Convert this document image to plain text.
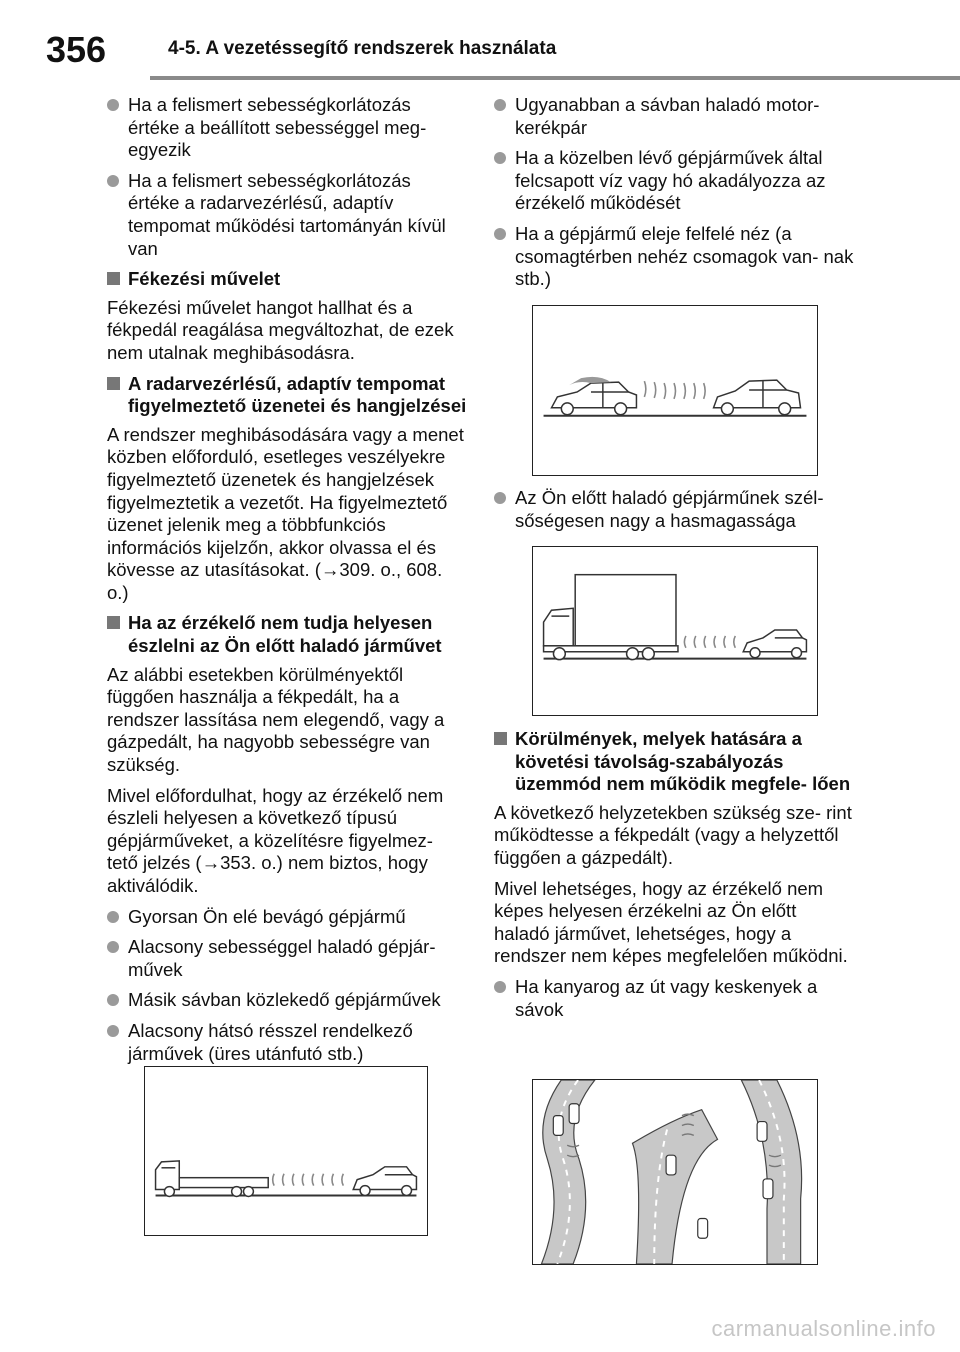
356	4-5. A vezetéssegítő rendszerek használata
Ha a felismert sebességkorlátozás értéke a beállított sebességgel meg- egyezik
Ha a felismert sebességkorlátozás értéke a radarvezérlésű, adaptív tempomat működési tartományán kívül van
Fékezési művelet

Fékezési művelet hangot hallhat és a fékpedál reagálása megváltozhat, de ezek nem utalnak meghibásodásra.

A radarvezérlésű, adaptív tempomat figyelmeztető üzenetei és hangjelzései

A rendszer meghibásodására vagy a menet közben előforduló, esetleges veszélyekre figyelmeztető üzenetek és hangjelzések figyelmeztetik a vezetőt. Ha figyelmeztető üzenet jelenik meg a többfunkciós információs kijelzőn, akkor olvassa el és kövesse az utasításokat. (→309. o., 608. o.)

Ha az érzékelő nem tudja helyesen észlelni az Ön előtt haladó járművet

Az alábbi esetekben körülményektől függően használja a fékpedált, ha a rendszer lassítása nem elegendő, vagy a gázpedált, ha nagyobb sebességre van szükség.

Mivel előfordulhat, hogy az érzékelő nem észleli helyesen a következő típusú gépjárműveket, a közelítésre figyelmez- tető jelzés (→353. o.) nem biztos, hogy aktiválódik.

Gyorsan Ön elé bevágó gépjármű
Alacsony sebességgel haladó gépjár- művek
Másik sávban közlekedő gépjárművek
Alacsony hátsó résszel rendelkező járművek (üres utánfutó stb.)
Ugyanabban a sávban haladó motor- kerékpár
Ha a közelben lévő gépjárművek által felcsapott víz vagy hó akadályozza az érzékelő működését
Ha a gépjármű eleje felfelé néz (a csomagtérben nehéz csomagok van- nak stb.)
Az Ön előtt haladó gépjárműnek szél- sőségesen nagy a hasmagassága
Körülmények, melyek hatására a követési távolság-szabályozás üzemmód nem működik megfele- lően

A következő helyzetekben szükség sze- rint működtesse a fékpedált (vagy a helyzettől függően a gázpedált).

Mivel lehetséges, hogy az érzékelő nem képes helyesen érzékelni az Ön előtt haladó járművet, lehetséges, hogy a rendszer nem képes megfelelően működni.

Ha kanyarog az út vagy keskenyek a sávok
carmanualsonline.info
